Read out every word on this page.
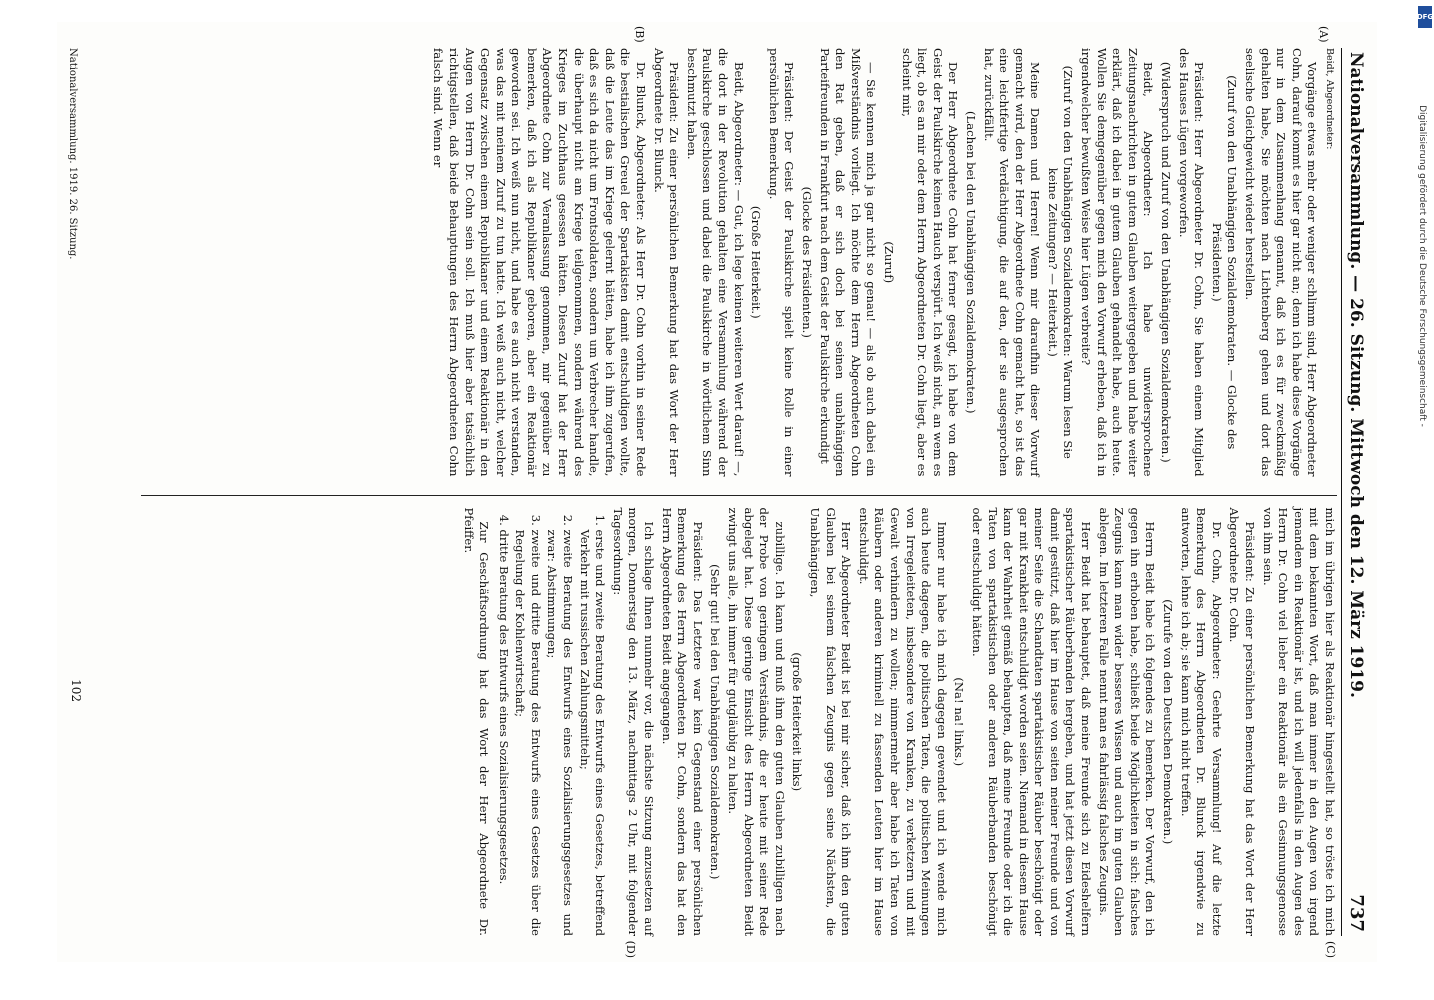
Digitalisierung gefördert durch die Deutsche Forschungsgemeinschaft -
DFG
Nationalversammlung. — 26. Sitzung. Mittwoch den 12. März 1919.
737
(A)
(B)

Beidt, Abgeordneter:

Vorgänge etwas mehr oder weniger schlimm sind, Herr Abgeordneter Cohn, darauf kommt es hier gar nicht an; denn ich habe diese Vorgänge nur in dem Zusammenhang genannt, daß ich es für zweckmäßig gehalten habe, Sie möchten nach Lichtenberg gehen und dort das seelische Gleichgewicht wieder herstellen.

(Zuruf von den Unabhängigen Sozialdemokraten. — Glocke des Präsidenten.)

Präsident: Herr Abgeordneter Dr. Cohn, Sie haben einem Mitglied des Hauses Lügen vorgeworfen.

(Widerspruch und Zuruf von den Unabhängigen Sozialdemokraten.)

Beidt, Abgeordneter: Ich habe unwidersprochene Zeitungsnachrichten in gutem Glauben weitergegeben und habe weiter erklärt, daß ich dabei in gutem Glauben gehandelt habe, auch heute. Wollen Sie demgegenüber gegen mich den Vorwurf erheben, daß ich in irgendwelcher bewußten Weise hier Lügen verbreite?

(Zuruf von den Unabhängigen Sozialdemokraten: Warum lesen Sie keine Zeitungen? — Heiterkeit.)

Meine Damen und Herren! Wenn mir daraufhin dieser Vorwurf gemacht wird, den der Herr Abgeordnete Cohn gemacht hat, so ist das eine leichtfertige Verdächtigung, die auf den, der sie ausgesprochen hat, zurückfällt.

(Lachen bei den Unabhängigen Sozialdemokraten.)

Der Herr Abgeordnete Cohn hat ferner gesagt, ich habe von dem Geist der Paulskirche keinen Hauch verspürt. Ich weiß nicht, an wem es liegt, ob es an mir oder dem Herrn Abgeordneten Dr. Cohn liegt, aber es scheint mir,

(Zuruf)

— Sie kennen mich ja gar nicht so genau! — als ob auch dabei ein Mißverständnis vorliegt. Ich möchte dem Herrn Abgeordneten Cohn den Rat geben, daß er sich doch bei seinen unabhängigen Parteifreunden in Frankfurt nach dem Geist der Paulskirche erkundigt

(Glocke des Präsidenten.)

Präsident: Der Geist der Paulskirche spielt keine Rolle in einer persönlichen Bemerkung.

(Große Heiterkeit.)

Beidt, Abgeordneter: — Gut, ich lege keinen weiteren Wert darauf! —, die dort in der Revolution gehalten eine Versammlung während der Paulskirche geschlossen und dabei die Paulskirche in wörtlichem Sinn beschmutzt haben.

Präsident: Zu einer persönlichen Bemerkung hat das Wort der Herr Abgeordnete Dr. Blunck.

Dr. Blunck, Abgeordneter: Als Herr Dr. Cohn vorhin in seiner Rede die bestialischen Greuel der Spartakisten damit entschuldigen wollte, daß die Leute das im Kriege gelernt hätten, habe ich ihm zugerufen, daß es sich da nicht um Frontsoldaten, sondern um Verbrecher handle, die überhaupt nicht am Kriege teilgenommen, sondern während des Krieges im Zuchthaus gesessen hätten. Diesen Zuruf hat der Herr Abgeordnete Cohn zur Veranlassung genommen, mir gegenüber zu bemerken, daß ich als Republikaner geboren, aber ein Reaktionär geworden sei. Ich weiß nun nicht, und habe es auch nicht verstanden, was das mit meinem Zuruf zu tun hatte. Ich weiß auch nicht, welcher Gegensatz zwischen einem Republikaner und einem Reaktionär in den Augen von Herrn Dr. Cohn sein soll. Ich muß hier aber tatsächlich richtigstellen, daß beide Behauptungen des Herrn Abgeordneten Cohn falsch sind. Wenn er

mich im übrigen hier als Reaktionär hingestellt hat, so tröste ich mich mit dem bekannten Wort, daß man immer in den Augen von irgend jemandem ein Reaktionär ist, und ich will jedenfalls in den Augen des Herrn Dr. Cohn viel lieber ein Reaktionär als ein Gesinnungsgenosse von ihm sein.

Präsident: Zu einer persönlichen Bemerkung hat das Wort der Herr Abgeordnete Dr. Cohn.

Dr. Cohn, Abgeordneter: Geehrte Versammlung! Auf die letzte Bemerkung des Herrn Abgeordneten Dr. Blunck irgendwie zu antworten, lehne ich ab; sie kann mich nicht treffen.

(Zurufe von den Deutschen Demokraten.)

Herrn Beidt habe ich folgendes zu bemerken. Der Vorwurf, den ich gegen ihn erhoben habe, schließt beide Möglichkeiten in sich: falsches Zeugnis kann man wider besseres Wissen und auch im guten Glauben ablegen. Im letzteren Falle nennt man es fahrlässig falsches Zeugnis.

Herr Beidt hat behauptet, daß meine Freunde sich zu Eideshelfern spartakistischer Räuberbanden hergeben, und hat jetzt diesen Vorwurf damit gestützt, daß hier im Hause von seiten meiner Freunde und von meiner Seite die Schandtaten spartakistischer Räuber beschönigt oder gar mit Krankheit entschuldigt worden seien. Niemand in diesem Hause kann der Wahrheit gemäß behaupten, daß meine Freunde oder ich die Taten von spartakistischen oder anderen Räuberbanden beschönigt oder entschuldigt hätten.

(Na! na! links.)

Immer nur habe ich mich dagegen gewendet und ich wende mich auch heute dagegen, die politischen Taten, die politischen Meinungen von Irregeleiteten, insbesondere von Kranken, zu verketzern und mit Gewalt verhindern zu wollen; nimmermehr aber habe ich Taten von Räubern oder anderen kriminell zu fassenden Leuten hier im Hause entschuldigt.

Herr Abgeordneter Beidt ist bei mir sicher, daß ich ihm den guten Glauben bei seinem falschen Zeugnis gegen seine Nächsten, die Unabhängigen,

(große Heiterkeit links)

zubillige. Ich kann und muß ihm den guten Glauben zubilligen nach der Probe von geringem Verständnis, die er heute mit seiner Rede abgelegt hat. Diese geringe Einsicht des Herrn Abgeordneten Beidt zwingt uns alle, ihn immer für gutgläubig zu halten.

(Sehr gut! bei den Unabhängigen Sozialdemokraten.)

Präsident: Das Letztere war kein Gegenstand einer persönlichen Bemerkung des Herrn Abgeordneten Dr. Cohn, sondern das hat den Herrn Abgeordneten Beidt angegangen.

Ich schlage Ihnen nunmehr vor, die nächste Sitzung anzusetzen auf morgen, Donnerstag den 13. März, nachmittags 2 Uhr, mit folgender Tagesordnung:

1. erste und zweite Beratung des Entwurfs eines Gesetzes, betreffend Verkehr mit russischen Zahlungsmitteln;
2. zweite Beratung des Entwurfs eines Sozialisierungsgesetzes und zwar: Abstimmungen;
3. zweite und dritte Beratung des Entwurfs eines Gesetzes über die Regelung der Kohlenwirtschaft;
4. dritte Beratung des Entwurfs eines Sozialisierungsgesetzes.

Zur Geschäftsordnung hat das Wort der Herr Abgeordnete Dr. Pfeiffer.

(C)
(D)
Nationalversammlung. 1919. 26. Sitzung.
102
